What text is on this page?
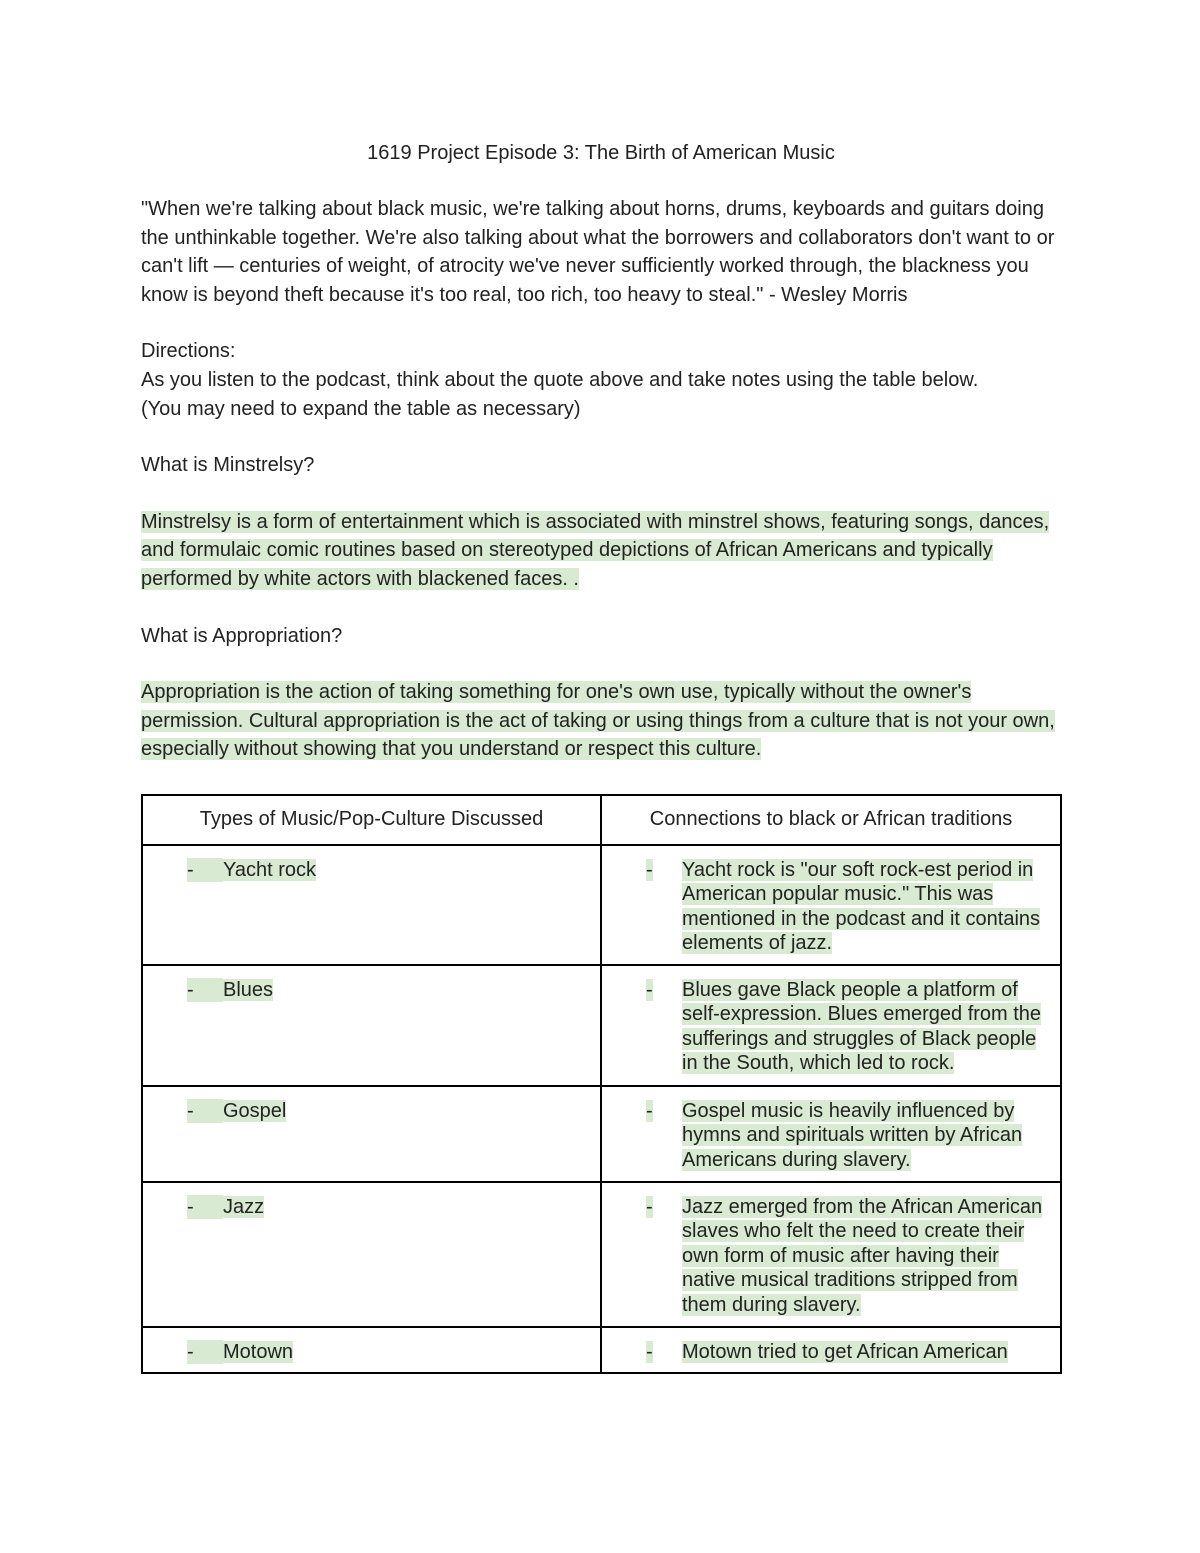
1619 Project Episode 3: The Birth of American Music

"When we're talking about black music, we're talking about horns, drums, keyboards and guitars doing the unthinkable together. We're also talking about what the borrowers and collaborators don't want to or can't lift — centuries of weight, of atrocity we've never sufficiently worked through, the blackness you know is beyond theft because it's too real, too rich, too heavy to steal." - Wesley Morris

Directions:

As you listen to the podcast, think about the quote above and take notes using the table below.

(You may need to expand the table as necessary)

What is Minstrelsy?

Minstrelsy is a form of entertainment which is associated with minstrel shows, featuring songs, dances, and formulaic comic routines based on stereotyped depictions of African Americans and typically performed by white actors with blackened faces. .

What is Appropriation?

Appropriation is the action of taking something for one's own use, typically without the owner's permission. Cultural appropriation is the act of taking or using things from a culture that is not your own, especially without showing that you understand or respect this culture.

Types of Music/Pop-Culture Discussed	Connections to black or African traditions

- Yacht rock	- Yacht rock is "our soft rock-est period in American popular music." This was mentioned in the podcast and it contains elements of jazz.

- Blues	- Blues gave Black people a platform of self-expression. Blues emerged from the sufferings and struggles of Black people in the South, which led to rock.

- Gospel	- Gospel music is heavily influenced by hymns and spirituals written by African Americans during slavery.

- Jazz	- Jazz emerged from the African American slaves who felt the need to create their own form of music after having their native musical traditions stripped from them during slavery.

- Motown	- Motown tried to get African American
